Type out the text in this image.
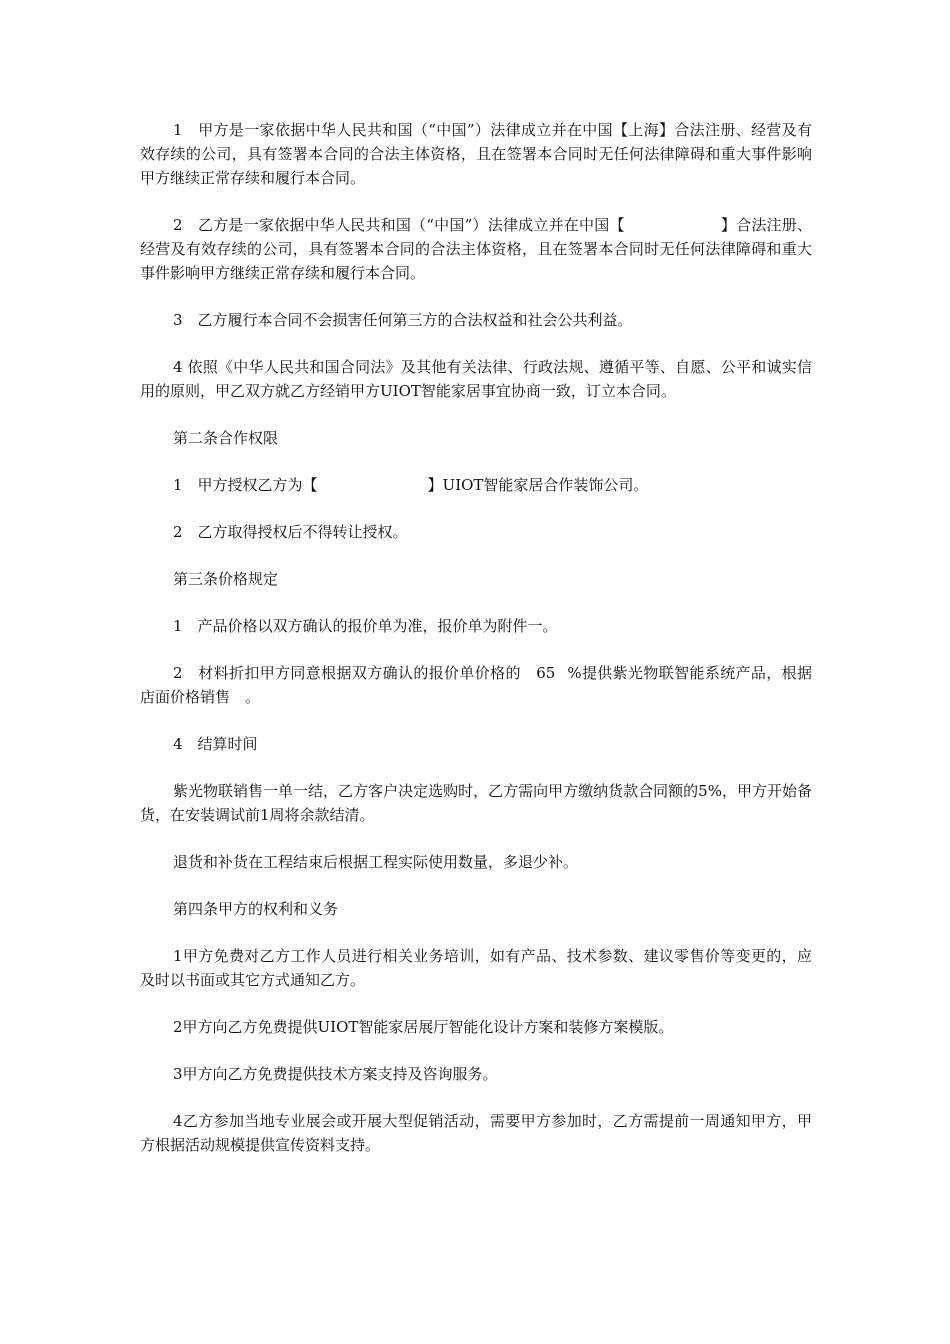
1　甲方是一家依据中华人民共和国（“中国”）法律成立并在中国【上海】合法注册、经营及有效存续的公司，具有签署本合同的合法主体资格，且在签署本合同时无任何法律障碍和重大事件影响甲方继续正常存续和履行本合同。

2　乙方是一家依据中华人民共和国（“中国”）法律成立并在中国【	】合法注册、经营及有效存续的公司，具有签署本合同的合法主体资格，且在签署本合同时无任何法律障碍和重大事件影响甲方继续正常存续和履行本合同。

3　乙方履行本合同不会损害任何第三方的合法权益和社会公共利益。

4 依照《中华人民共和国合同法》及其他有关法律、行政法规、遵循平等、自愿、公平和诚实信用的原则，甲乙双方就乙方经销甲方UIOT智能家居事宜协商一致，订立本合同。

第二条合作权限

1　甲方授权乙方为【	】UIOT智能家居合作装饰公司。

2　乙方取得授权后不得转让授权。

第三条价格规定

1　产品价格以双方确认的报价单为准，报价单为附件一。

2　材料折扣甲方同意根据双方确认的报价单价格的　65 %提供紫光物联智能系统产品，根据店面价格销售　。

4　结算时间

紫光物联销售一单一结，乙方客户决定选购时，乙方需向甲方缴纳货款合同额的5%，甲方开始备货，在安装调试前1周将余款结清。

退货和补货在工程结束后根据工程实际使用数量，多退少补。

第四条甲方的权利和义务

1甲方免费对乙方工作人员进行相关业务培训，如有产品、技术参数、建议零售价等变更的，应及时以书面或其它方式通知乙方。

2甲方向乙方免费提供UIOT智能家居展厅智能化设计方案和装修方案模版。

3甲方向乙方免费提供技术方案支持及咨询服务。

4乙方参加当地专业展会或开展大型促销活动，需要甲方参加时，乙方需提前一周通知甲方，甲方根据活动规模提供宣传资料支持。
